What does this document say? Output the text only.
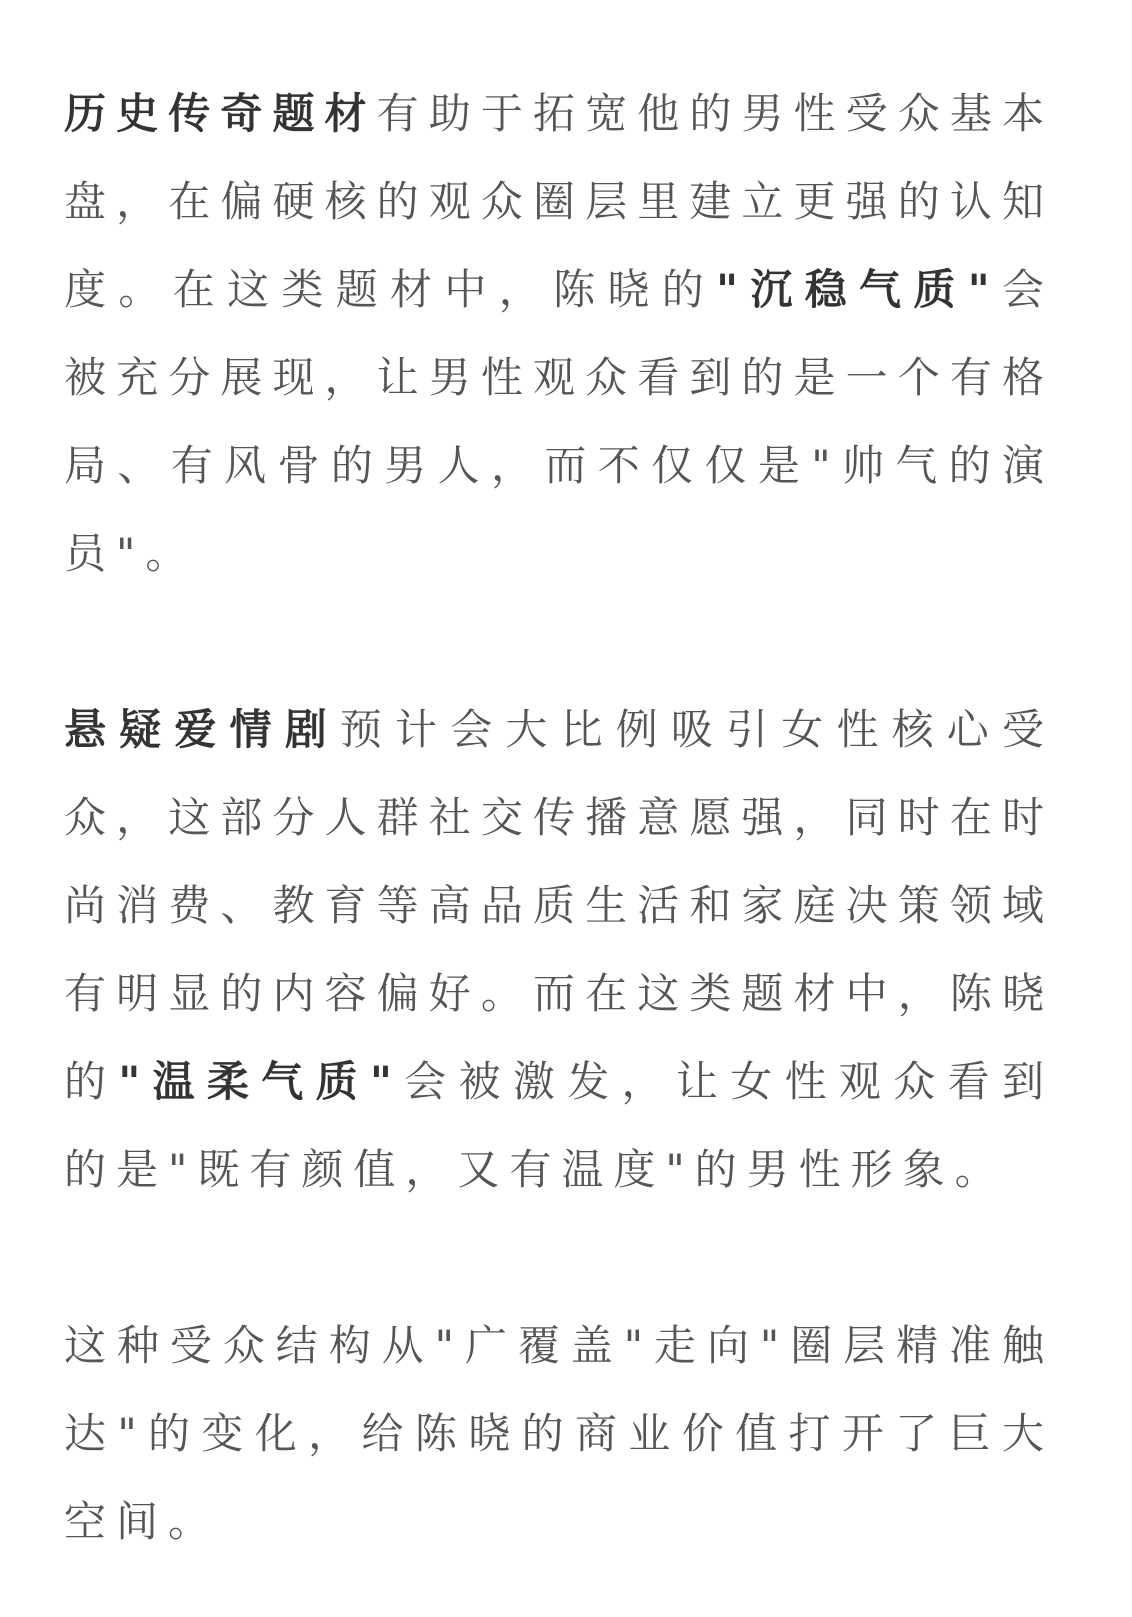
历史传奇题材有助于拓宽他的男性受众基本盘，在偏硬核的观众圈层里建立更强的认知度。在这类题材中，陈晓的"沉稳气质"会被充分展现，让男性观众看到的是一个有格局、有风骨的男人，而不仅仅是"帅气的演员"。

悬疑爱情剧预计会大比例吸引女性核心受众，这部分人群社交传播意愿强，同时在时尚消费、教育等高品质生活和家庭决策领域有明显的内容偏好。而在这类题材中，陈晓的"温柔气质"会被激发，让女性观众看到的是"既有颜值，又有温度"的男性形象。

这种受众结构从"广覆盖"走向"圈层精准触达"的变化，给陈晓的商业价值打开了巨大空间。
